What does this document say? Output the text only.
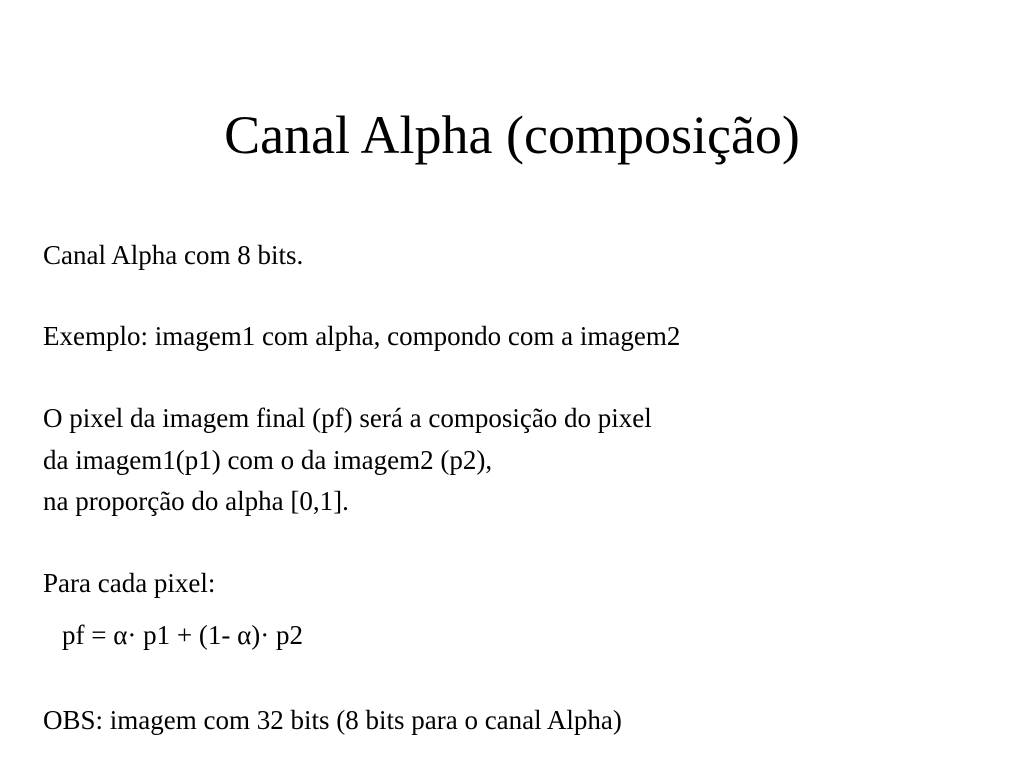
Canal Alpha (composição)
Canal Alpha com 8 bits.
Exemplo: imagem1 com alpha, compondo com a imagem2
O pixel da imagem final (pf) será a composição do pixel
da imagem1(p1) com o da imagem2 (p2),
na proporção do alpha [0,1].
Para cada pixel:
pf = α· p1 + (1- α)· p2
OBS: imagem com 32 bits (8 bits para o canal Alpha)
